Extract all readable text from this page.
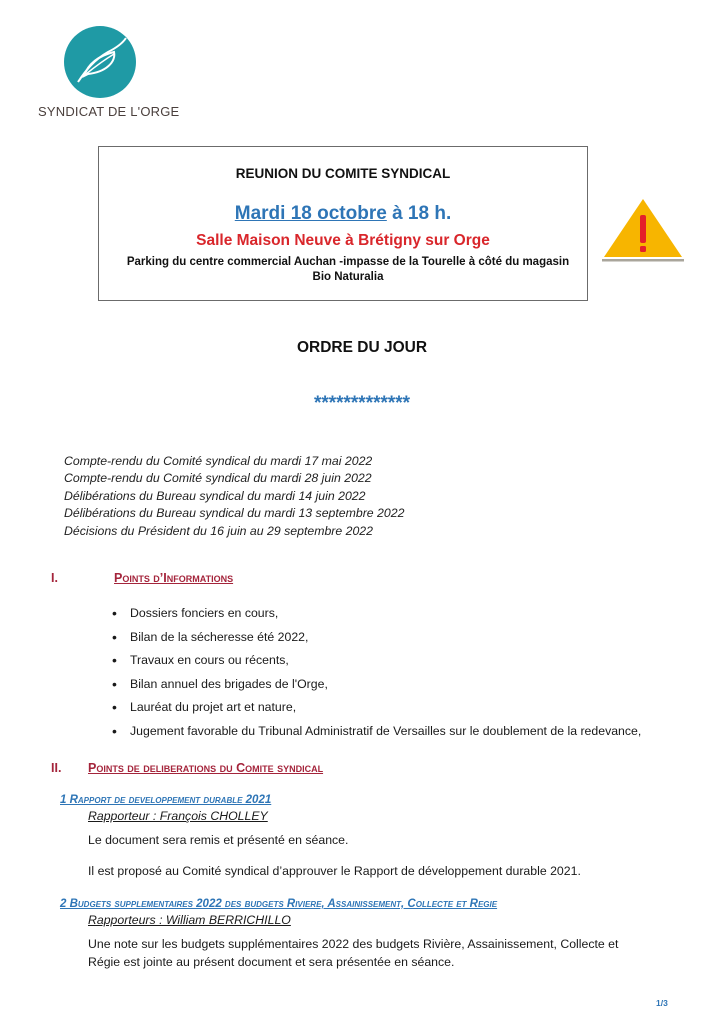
SYNDICAT DE L'ORGE
REUNION DU COMITE SYNDICAL
Mardi 18 octobre à 18 h.
Salle Maison Neuve à Brétigny sur Orge
Parking du centre commercial Auchan -impasse de la Tourelle à côté du magasin
Bio Naturalia
ORDRE DU JOUR
*************
Compte-rendu du Comité syndical du mardi 17 mai 2022
Compte-rendu du Comité syndical du mardi 28 juin 2022
Délibérations du Bureau syndical du mardi 14 juin 2022
Délibérations du Bureau syndical du mardi 13 septembre 2022
Décisions du Président du 16 juin au 29 septembre 2022
I.	Points d’Informations
• Dossiers fonciers en cours,
• Bilan de la sécheresse été 2022,
• Travaux en cours ou récents,
• Bilan annuel des brigades de l'Orge,
• Lauréat du projet art et nature,
• Jugement favorable du Tribunal Administratif de Versailles sur le doublement de la redevance,
II. Points de deliberations du Comite syndical
1 Rapport de developpement durable 2021
Rapporteur : François CHOLLEY
Le document sera remis et présenté en séance.
Il est proposé au Comité syndical d’approuver le Rapport de développement durable 2021.
2 Budgets supplementaires 2022 des budgets Riviere, Assainissement, Collecte et Regie
Rapporteurs : William BERRICHILLO
Une note sur les budgets supplémentaires 2022 des budgets Rivière, Assainissement, Collecte et Régie est jointe au présent document et sera présentée en séance.
1/3
